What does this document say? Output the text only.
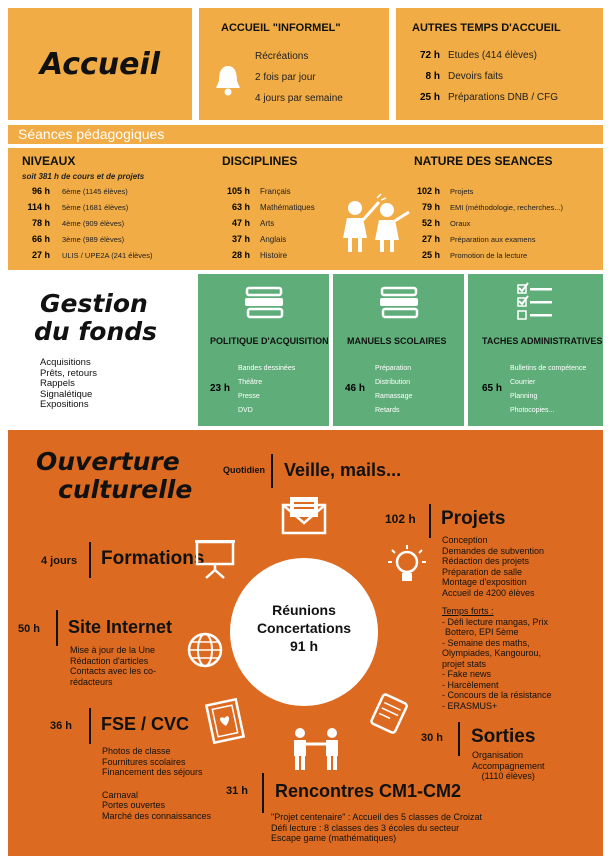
Accueil
ACCUEIL "INFORMEL"
Récréations
2 fois par jour
4 jours par semaine
AUTRES TEMPS D'ACCUEIL
72 h Etudes (414 élèves)
8 h Devoirs faits
25 h Préparations DNB / CFG
Séances pédagogiques
NIVEAUX
soit 381 h de cours et de projets
96 h 6ème (1145 élèves)
114 h 5ème (1681 élèves)
78 h 4ème (909 élèves)
66 h 3ème (989 élèves)
27 h ULIS / UPE2A (241 élèves)
DISCIPLINES
105 h Français
63 h Mathématiques
47 h Arts
37 h Anglais
28 h Histoire
NATURE DES SEANCES
102 h Projets
79 h EMI (méthodologie, recherches...)
52 h Oraux
27 h Préparation aux examens
25 h Promotion de la lecture
Gestion
du fonds
Acquisitions
Prêts, retours
Rappels
Signalétique
Expositions
POLITIQUE D'ACQUISITION
23 h
Bandes dessinées
Théâtre
Presse
DVD
MANUELS SCOLAIRES
46 h
Préparation
Distribution
Ramassage
Retards
TACHES ADMINISTRATIVES
65 h
Bulletins de compétence
Courrier
Planning
Photocopies...
Ouverture
culturelle
Quotidien Veille, mails...
Réunions
Concertations
91 h
102 h Projets
Conception
Demandes de subvention
Rédaction des projets
Préparation de salle
Montage d'exposition
Accueil de 4200 élèves
Temps forts :
- Défi lecture mangas, Prix
Bottero, EPI 5ème
- Semaine des maths,
Olympiades, Kangourou,
projet stats
- Fake news
- Harcèlement
- Concours de la résistance
- ERASMUS+
4 jours Formations
50 h Site Internet
Mise à jour de la Une
Rédaction d'articles
Contacts avec les co-
rédacteurs
36 h FSE / CVC
Photos de classe
Fournitures scolaires
Financement des séjours
Carnaval
Portes ouvertes
Marché des connaissances
30 h Sorties
Organisation
Accompagnement
(1110 élèves)
31 h Rencontres CM1-CM2
"Projet centenaire" : Accueil des 5 classes de Croizat
Défi lecture : 8 classes des 3 écoles du secteur
Escape game (mathématiques)
